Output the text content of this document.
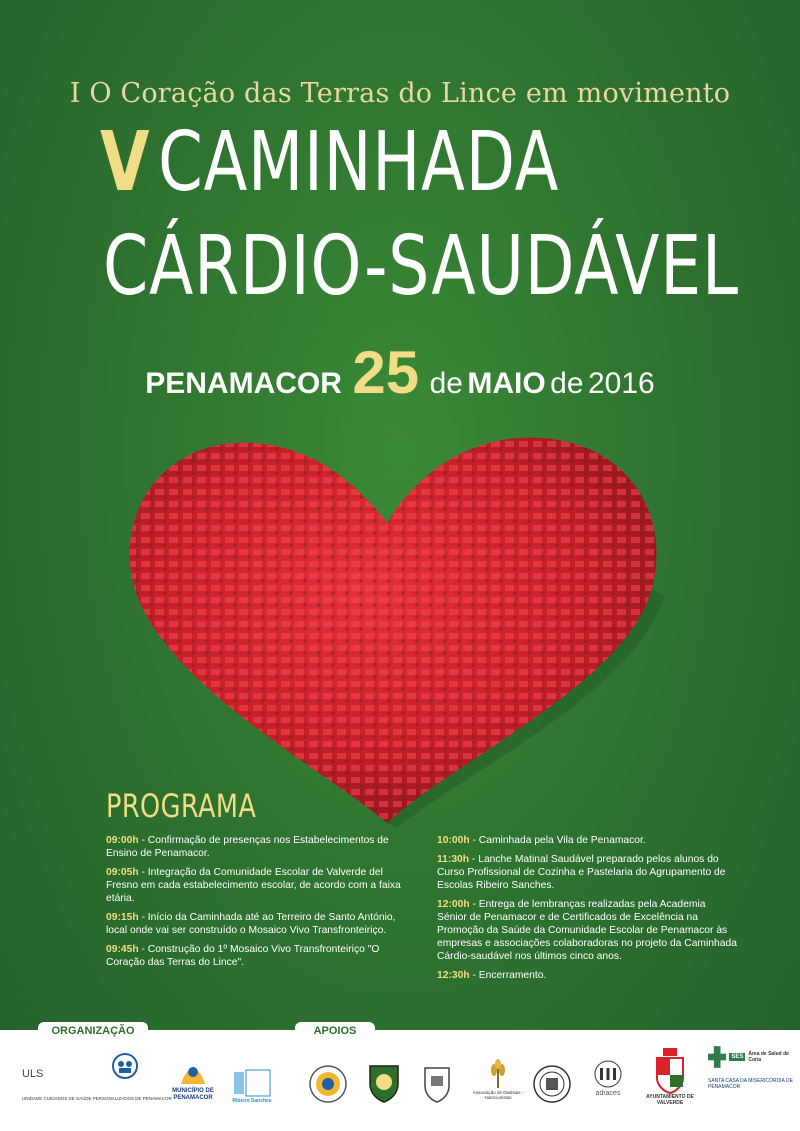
I O Coração das Terras do Lince em movimento
VCAMINHADA
CÁRDIO-SAUDÁVEL
PENAMACOR 25 de MAIO de 2016
PROGRAMA
09:00h - Confirmação de presenças nos Estabelecimentos de Ensino de Penamacor.
09:05h - Integração da Comunidade Escolar de Valverde del Fresno em cada estabelecimento escolar, de acordo com a faixa etária.
09:15h - Início da Caminhada até ao Terreiro de Santo António, local onde vai ser construído o Mosaico Vivo Transfronteiriço.
09:45h - Construção do 1º Mosaico Vivo Transfronteiriço "O Coração das Terras do Lince".
10:00h - Caminhada pela Vila de Penamacor.
11:30h - Lanche Matinal Saudável preparado pelos alunos do Curso Profissional de Cozinha e Pastelaria do Agrupamento de Escolas Ribeiro Sanches.
12:00h - Entrega de lembranças realizadas pela Academia Sénior de Penamacor e de Certificados de Excelência na Promoção da Saúde da Comunidade Escolar de Penamacor às empresas e associações colaboradoras no projeto da Caminhada Cárdio-saudável nos últimos cinco anos.
12:30h - Encerramento.
ORGANIZAÇÃO	APOIOS
ULS
UNIDADE CUIDADOS DE SAÚDE PERSONALIZADOS DE PENAMACOR
MUNICÍPIO DE PENAMACOR	Ribeiro Sanches
Associação de Dietistas - Nutricionistas
adraces	AYUNTAMIENTO DE VALVERDE
SES	Área de Salud de Coria
SANTA CASA DA MISERICÓRDIA DE PENAMACOR
